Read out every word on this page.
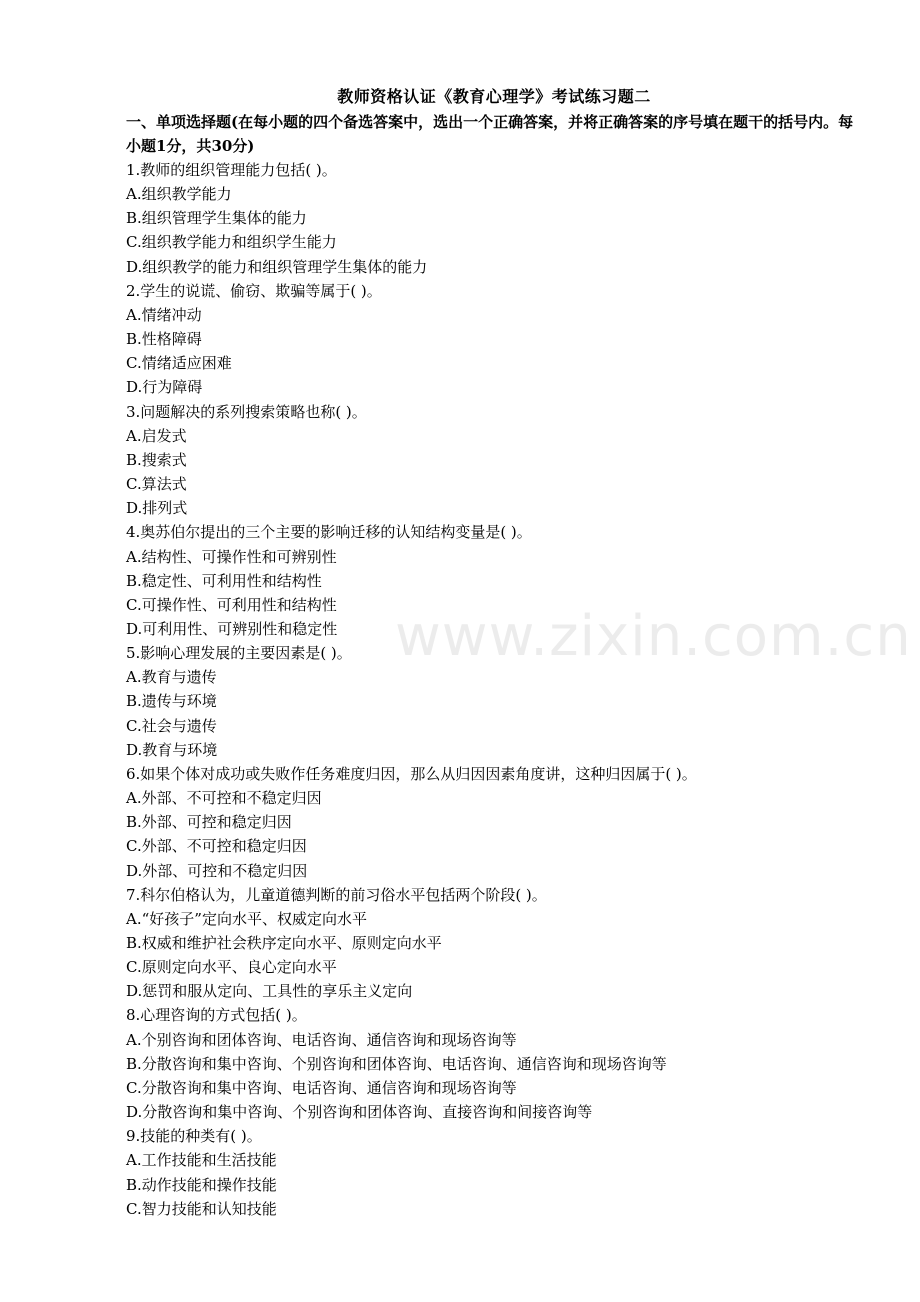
www.zixin.com.cn

教师资格认证《教育心理学》考试练习题二

一、单项选择题(在每小题的四个备选答案中，选出一个正确答案，并将正确答案的序号填在题干的括号内。每小题1分，共30分)

1.教师的组织管理能力包括( )。

A.组织教学能力

B.组织管理学生集体的能力

C.组织教学能力和组织学生能力

D.组织教学的能力和组织管理学生集体的能力

2.学生的说谎、偷窃、欺骗等属于( )。

A.情绪冲动

B.性格障碍

C.情绪适应困难

D.行为障碍

3.问题解决的系列搜索策略也称( )。

A.启发式

B.搜索式

C.算法式

D.排列式

4.奥苏伯尔提出的三个主要的影响迁移的认知结构变量是( )。

A.结构性、可操作性和可辨别性

B.稳定性、可利用性和结构性

C.可操作性、可利用性和结构性

D.可利用性、可辨别性和稳定性

5.影响心理发展的主要因素是( )。

A.教育与遗传

B.遗传与环境

C.社会与遗传

D.教育与环境

6.如果个体对成功或失败作任务难度归因，那么从归因因素角度讲，这种归因属于( )。

A.外部、不可控和不稳定归因

B.外部、可控和稳定归因

C.外部、不可控和稳定归因

D.外部、可控和不稳定归因

7.科尔伯格认为，儿童道德判断的前习俗水平包括两个阶段( )。

A.“好孩子”定向水平、权威定向水平

B.权威和维护社会秩序定向水平、原则定向水平

C.原则定向水平、良心定向水平

D.惩罚和服从定向、工具性的享乐主义定向

8.心理咨询的方式包括( )。

A.个别咨询和团体咨询、电话咨询、通信咨询和现场咨询等

B.分散咨询和集中咨询、个别咨询和团体咨询、电话咨询、通信咨询和现场咨询等

C.分散咨询和集中咨询、电话咨询、通信咨询和现场咨询等

D.分散咨询和集中咨询、个别咨询和团体咨询、直接咨询和间接咨询等

9.技能的种类有( )。

A.工作技能和生活技能

B.动作技能和操作技能

C.智力技能和认知技能
